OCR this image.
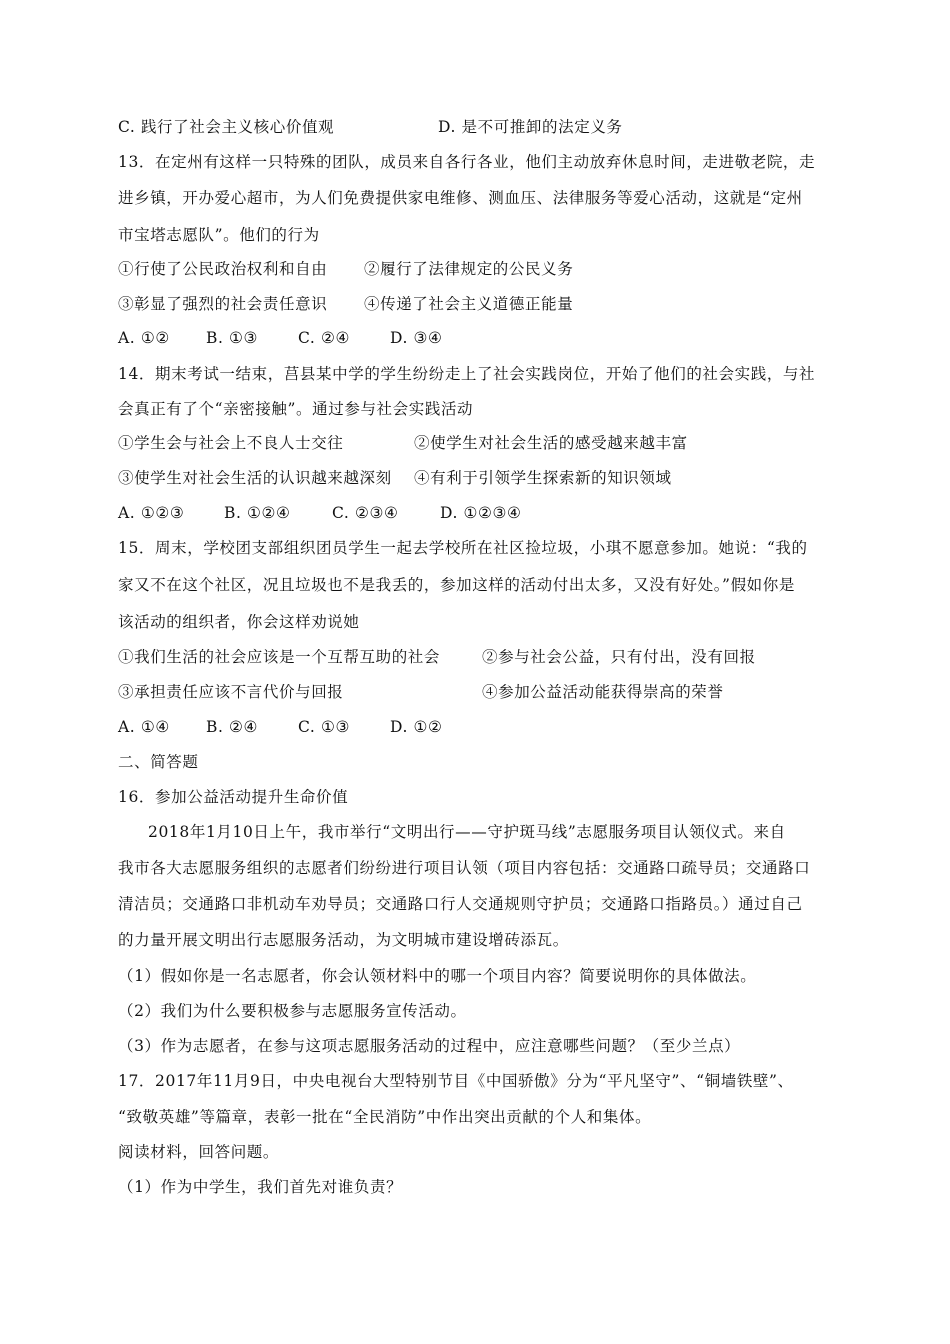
C. 践行了社会主义核心价值观	D. 是不可推卸的法定义务
13．在定州有这样一只特殊的团队，成员来自各行各业，他们主动放弃休息时间，走进敬老院，走
进乡镇，开办爱心超市，为人们免费提供家电维修、测血压、法律服务等爱心活动，这就是“定州
市宝塔志愿队”。他们的行为
①行使了公民政治权利和自由 ②履行了法律规定的公民义务
③彰显了强烈的社会责任意识 ④传递了社会主义道德正能量
A. ①② B. ①③	C. ②④	D. ③④
14．期末考试一结束，莒县某中学的学生纷纷走上了社会实践岗位，开始了他们的社会实践，与社
会真正有了个“亲密接触”。通过参与社会实践活动
①学生会与社会上不良人士交往	②使学生对社会生活的感受越来越丰富
③使学生对社会生活的认识越来越深刻 ④有利于引领学生探索新的知识领域
A. ①②③	B. ①②④	C. ②③④	D. ①②③④
15．周末，学校团支部组织团员学生一起去学校所在社区捡垃圾，小琪不愿意参加。她说：“我的
家又不在这个社区，况且垃圾也不是我丢的，参加这样的活动付出太多，又没有好处。”假如你是
该活动的组织者，你会这样劝说她
①我们生活的社会应该是一个互帮互助的社会	②参与社会公益，只有付出，没有回报
③承担责任应该不言代价与回报	④参加公益活动能获得崇高的荣誉
A. ①④ B. ②④	C. ①③	D. ①②
二、简答题
16．参加公益活动提升生命价值
2018年1月10日上午，我市举行“文明出行——守护斑马线”志愿服务项目认领仪式。来自
我市各大志愿服务组织的志愿者们纷纷进行项目认领（项目内容包括：交通路口疏导员；交通路口
清洁员；交通路口非机动车劝导员；交通路口行人交通规则守护员；交通路口指路员。）通过自己
的力量开展文明出行志愿服务活动，为文明城市建设增砖添瓦。
（1）假如你是一名志愿者，你会认领材料中的哪一个项目内容？简要说明你的具体做法。
（2）我们为什么要积极参与志愿服务宣传活动。
（3）作为志愿者，在参与这项志愿服务活动的过程中，应注意哪些问题？（至少兰点）
17．2017年11月9日，中央电视台大型特别节目《中国骄傲》分为“平凡坚守”、“铜墙铁壁”、
“致敬英雄”等篇章，表彰一批在“全民消防”中作出突出贡献的个人和集体。
阅读材料，回答问题。
（1）作为中学生，我们首先对谁负责？
